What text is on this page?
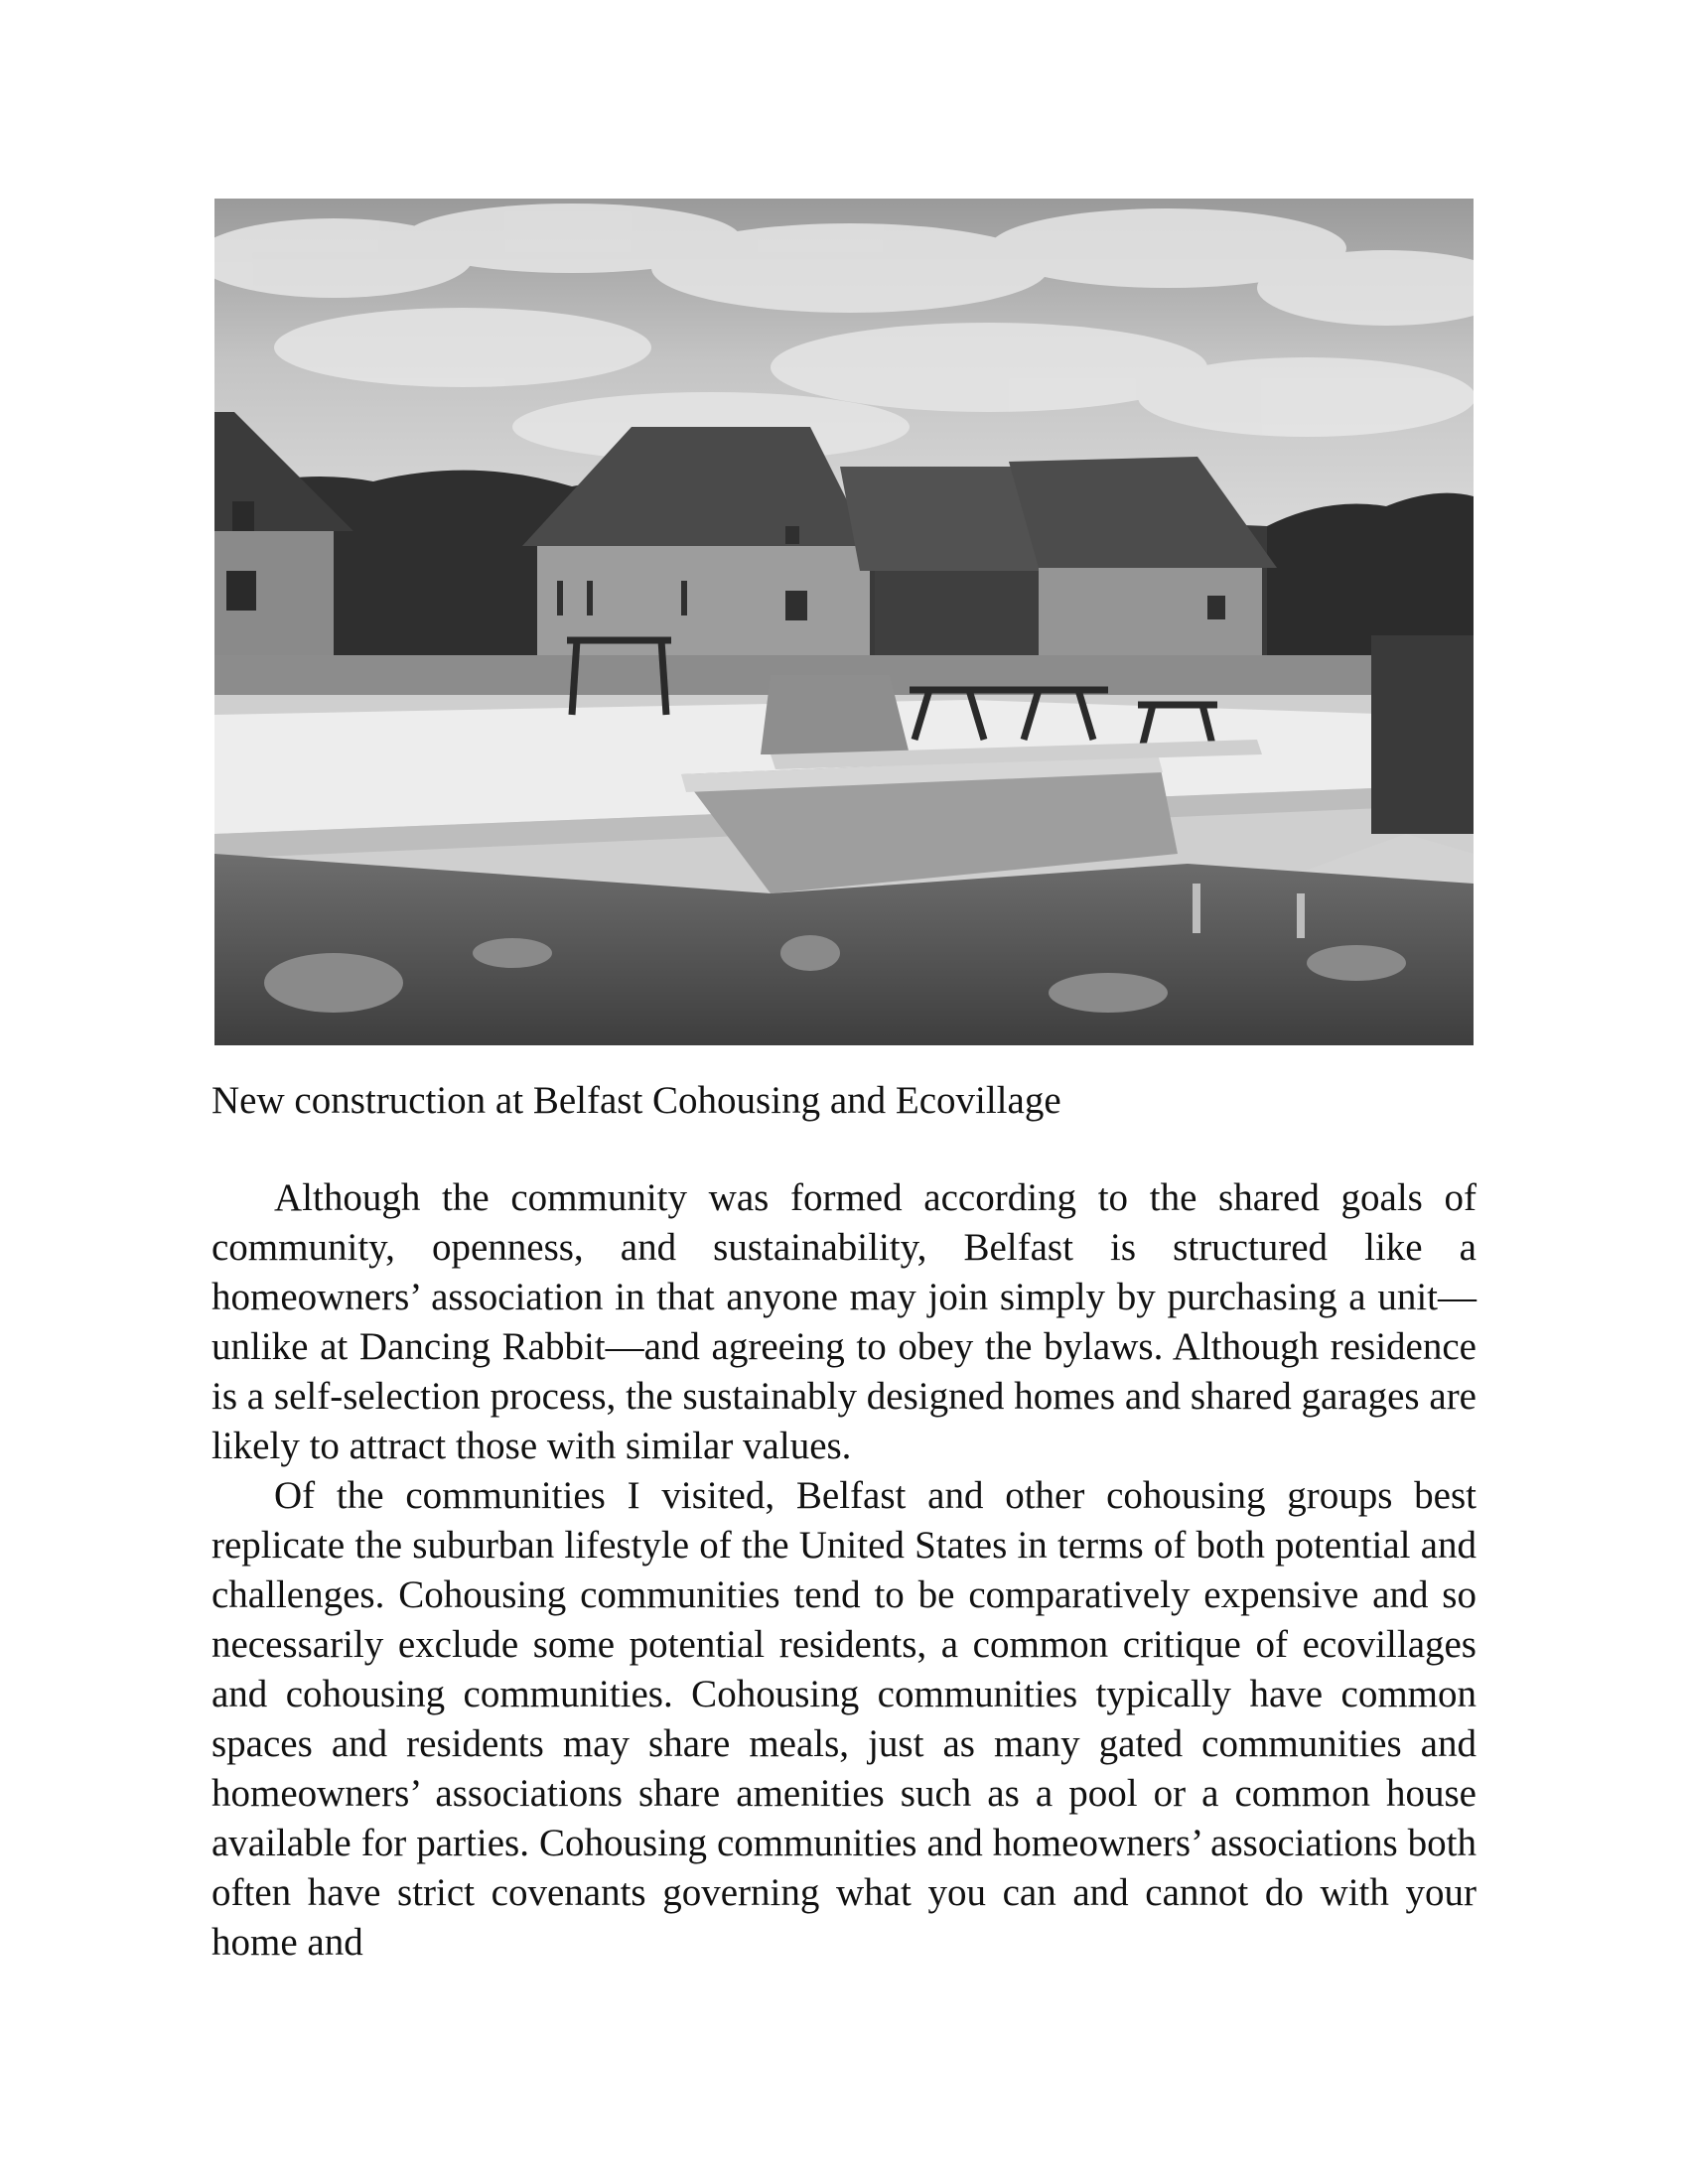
New construction at Belfast Cohousing and Ecovillage

Although the community was formed according to the shared goals of community, openness, and sustainability, Belfast is structured like a homeowners’ association in that anyone may join simply by purchasing a unit—unlike at Dancing Rabbit—and agreeing to obey the bylaws. Although residence is a self-selection process, the sustainably designed homes and shared garages are likely to attract those with similar values.

Of the communities I visited, Belfast and other cohousing groups best replicate the suburban lifestyle of the United States in terms of both potential and challenges. Cohousing communities tend to be comparatively expensive and so necessarily exclude some potential residents, a common critique of ecovillages and cohousing communities. Cohousing communities typically have common spaces and residents may share meals, just as many gated communities and homeowners’ associations share amenities such as a pool or a common house available for parties. Cohousing communities and homeowners’ associations both often have strict covenants governing what you can and cannot do with your home and
